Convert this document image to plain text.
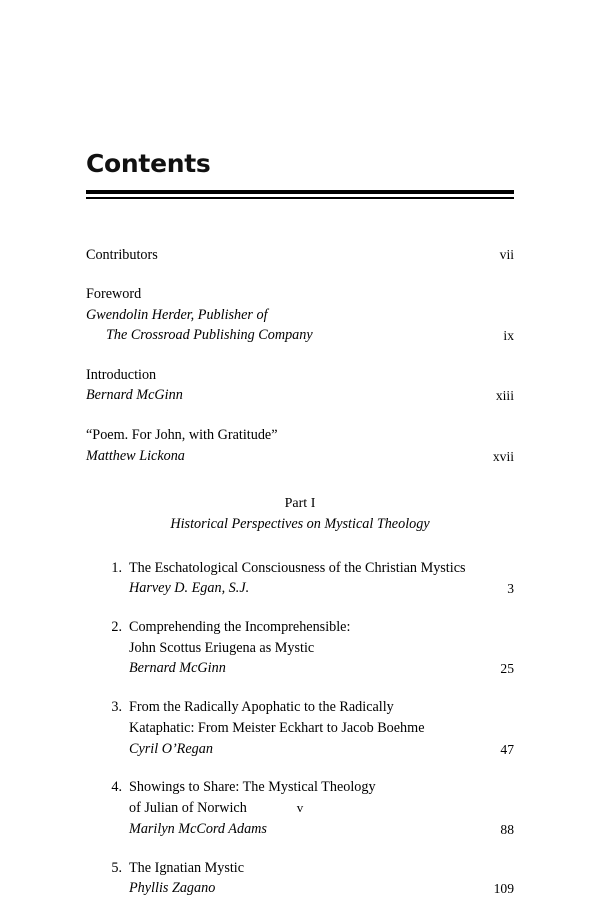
Contents
Contributors	vii
Foreword
Gwendolin Herder, Publisher of
The Crossroad Publishing Company	ix
Introduction
Bernard McGinn	xiii
“Poem. For John, with Gratitude”
Matthew Lickona	xvii
Part I
Historical Perspectives on Mystical Theology
1. The Eschatological Consciousness of the Christian Mystics
Harvey D. Egan, S.J.	3
2. Comprehending the Incomprehensible:
John Scottus Eriugena as Mystic
Bernard McGinn	25
3. From the Radically Apophatic to the Radically
Kataphatic: From Meister Eckhart to Jacob Boehme
Cyril O’Regan	47
4. Showings to Share: The Mystical Theology
of Julian of Norwich
Marilyn McCord Adams	88
5. The Ignatian Mystic
Phyllis Zagano	109
v
